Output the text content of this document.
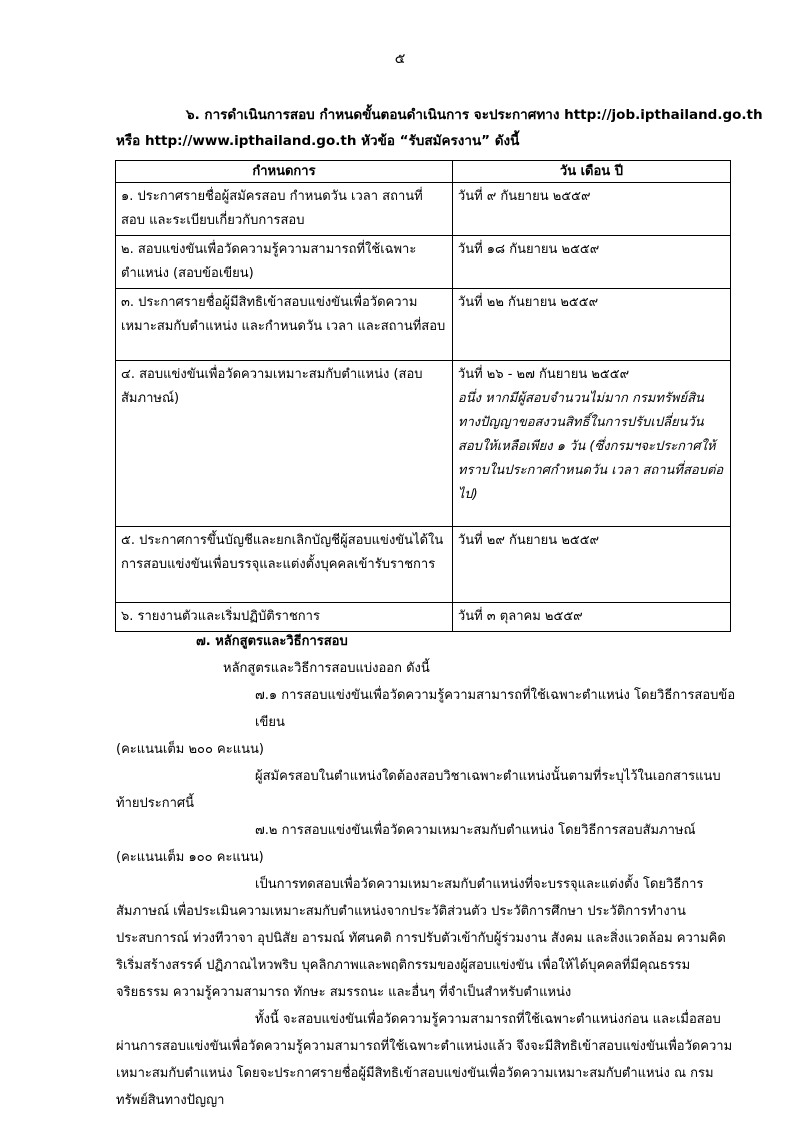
๕
๖. การดำเนินการสอบ กำหนดขั้นตอนดำเนินการ จะประกาศทาง http://job.ipthailand.go.th
หรือ http://www.ipthailand.go.th หัวข้อ “รับสมัครงาน” ดังนี้
กำหนดการ	วัน เดือน ปี
๑. ประกาศรายชื่อผู้สมัครสอบ กำหนดวัน เวลา สถานที่ สอบ และระเบียบเกี่ยวกับการสอบ	วันที่ ๙ กันยายน ๒๕๕๙
๒. สอบแข่งขันเพื่อวัดความรู้ความสามารถที่ใช้เฉพาะตำแหน่ง (สอบข้อเขียน)	วันที่ ๑๘ กันยายน ๒๕๕๙
๓. ประกาศรายชื่อผู้มีสิทธิเข้าสอบแข่งขันเพื่อวัดความเหมาะสมกับตำแหน่ง และกำหนดวัน เวลา และสถานที่สอบ	วันที่ ๒๒ กันยายน ๒๕๕๙
๔. สอบแข่งขันเพื่อวัดความเหมาะสมกับตำแหน่ง (สอบสัมภาษณ์)	วันที่ ๒๖ - ๒๗ กันยายน ๒๕๕๙
อนึ่ง หากมีผู้สอบจำนวนไม่มาก กรมทรัพย์สินทางปัญญาขอสงวนสิทธิ์ในการปรับเปลี่ยนวันสอบให้เหลือเพียง ๑ วัน (ซึ่งกรมฯจะประกาศให้ทราบในประกาศกำหนดวัน เวลา สถานที่สอบต่อไป)

๕. ประกาศการขึ้นบัญชีและยกเลิกบัญชีผู้สอบแข่งขันได้ในการสอบแข่งขันเพื่อบรรจุและแต่งตั้งบุคคลเข้ารับราชการ	วันที่ ๒๙ กันยายน ๒๕๕๙
๖. รายงานตัวและเริ่มปฏิบัติราชการ	วันที่ ๓ ตุลาคม ๒๕๕๙

๗. หลักสูตรและวิธีการสอบ

หลักสูตรและวิธีการสอบแบ่งออก ดังนี้

๗.๑ การสอบแข่งขันเพื่อวัดความรู้ความสามารถที่ใช้เฉพาะตำแหน่ง โดยวิธีการสอบข้อเขียน

(คะแนนเต็ม ๒๐๐ คะแนน)

ผู้สมัครสอบในตำแหน่งใดต้องสอบวิชาเฉพาะตำแหน่งนั้นตามที่ระบุไว้ในเอกสารแนบท้ายประกาศนี้

๗.๒ การสอบแข่งขันเพื่อวัดความเหมาะสมกับตำแหน่ง โดยวิธีการสอบสัมภาษณ์

(คะแนนเต็ม ๑๐๐ คะแนน)

เป็นการทดสอบเพื่อวัดความเหมาะสมกับตำแหน่งที่จะบรรจุและแต่งตั้ง โดยวิธีการสัมภาษณ์ เพื่อประเมินความเหมาะสมกับตำแหน่งจากประวัติส่วนตัว ประวัติการศึกษา ประวัติการทำงาน ประสบการณ์ ท่วงทีวาจา อุปนิสัย อารมณ์ ทัศนคติ การปรับตัวเข้ากับผู้ร่วมงาน สังคม และสิ่งแวดล้อม ความคิดริเริ่มสร้างสรรค์ ปฏิภาณไหวพริบ บุคลิกภาพและพฤติกรรมของผู้สอบแข่งขัน เพื่อให้ได้บุคคลที่มีคุณธรรม จริยธรรม ความรู้ความสามารถ ทักษะ สมรรถนะ และอื่นๆ ที่จำเป็นสำหรับตำแหน่ง

ทั้งนี้ จะสอบแข่งขันเพื่อวัดความรู้ความสามารถที่ใช้เฉพาะตำแหน่งก่อน และเมื่อสอบผ่านการสอบแข่งขันเพื่อวัดความรู้ความสามารถที่ใช้เฉพาะตำแหน่งแล้ว จึงจะมีสิทธิเข้าสอบแข่งขันเพื่อวัดความเหมาะสมกับตำแหน่ง โดยจะประกาศรายชื่อผู้มีสิทธิเข้าสอบแข่งขันเพื่อวัดความเหมาะสมกับตำแหน่ง ณ กรมทรัพย์สินทางปัญญา
